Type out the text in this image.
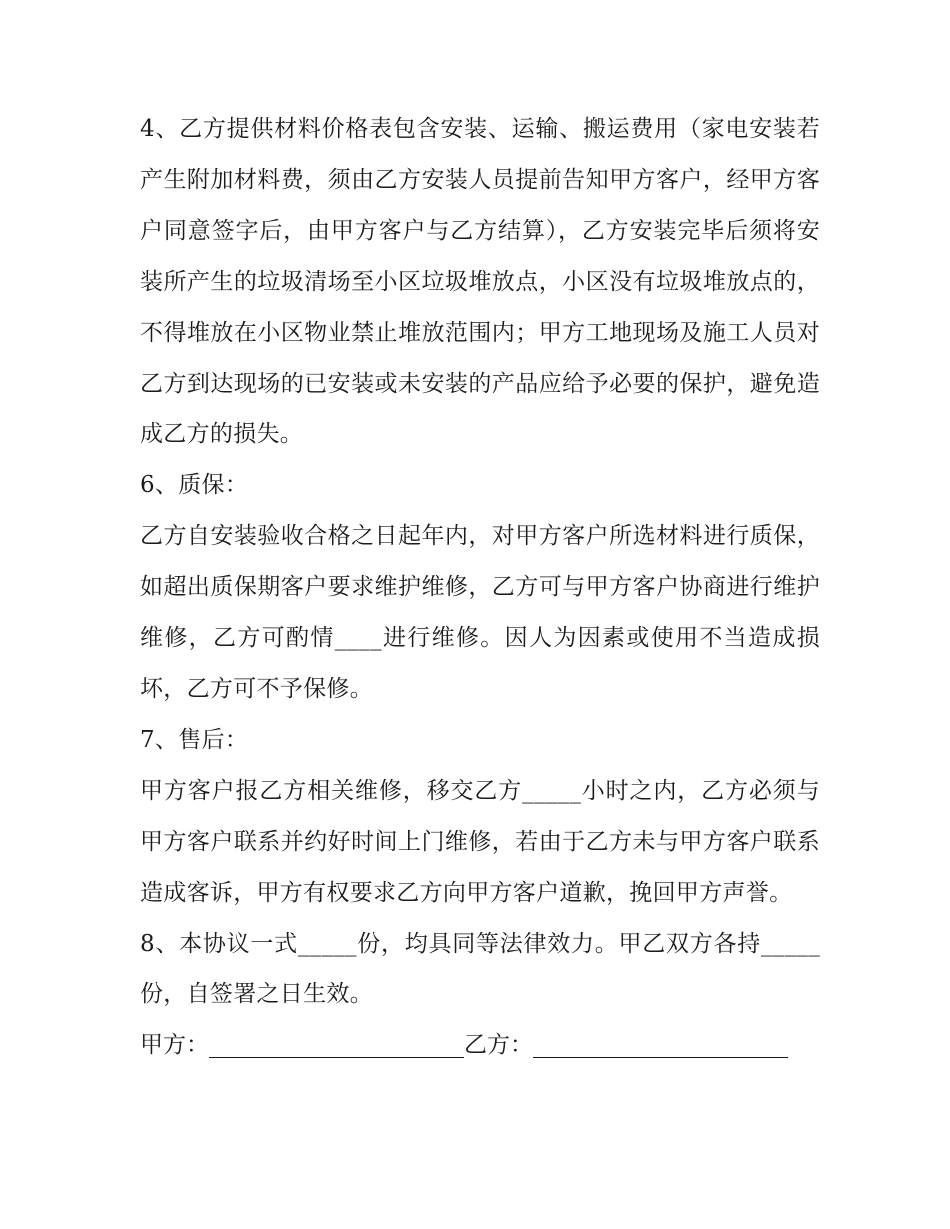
4、乙方提供材料价格表包含安装、运输、搬运费用（家电安装若产生附加材料费，须由乙方安装人员提前告知甲方客户，经甲方客户同意签字后，由甲方客户与乙方结算），乙方安装完毕后须将安装所产生的垃圾清场至小区垃圾堆放点，小区没有垃圾堆放点的，不得堆放在小区物业禁止堆放范围内；甲方工地现场及施工人员对乙方到达现场的已安装或未安装的产品应给予必要的保护，避免造成乙方的损失。

6、质保：

乙方自安装验收合格之日起年内，对甲方客户所选材料进行质保，如超出质保期客户要求维护维修，乙方可与甲方客户协商进行维护维修，乙方可酌情____进行维修。因人为因素或使用不当造成损坏，乙方可不予保修。

7、售后：

甲方客户报乙方相关维修，移交乙方_____小时之内，乙方必须与甲方客户联系并约好时间上门维修，若由于乙方未与甲方客户联系造成客诉，甲方有权要求乙方向甲方客户道歉，挽回甲方声誉。

8、本协议一式_____份，均具同等法律效力。甲乙双方各持_____份，自签署之日生效。

甲方：	乙方：
